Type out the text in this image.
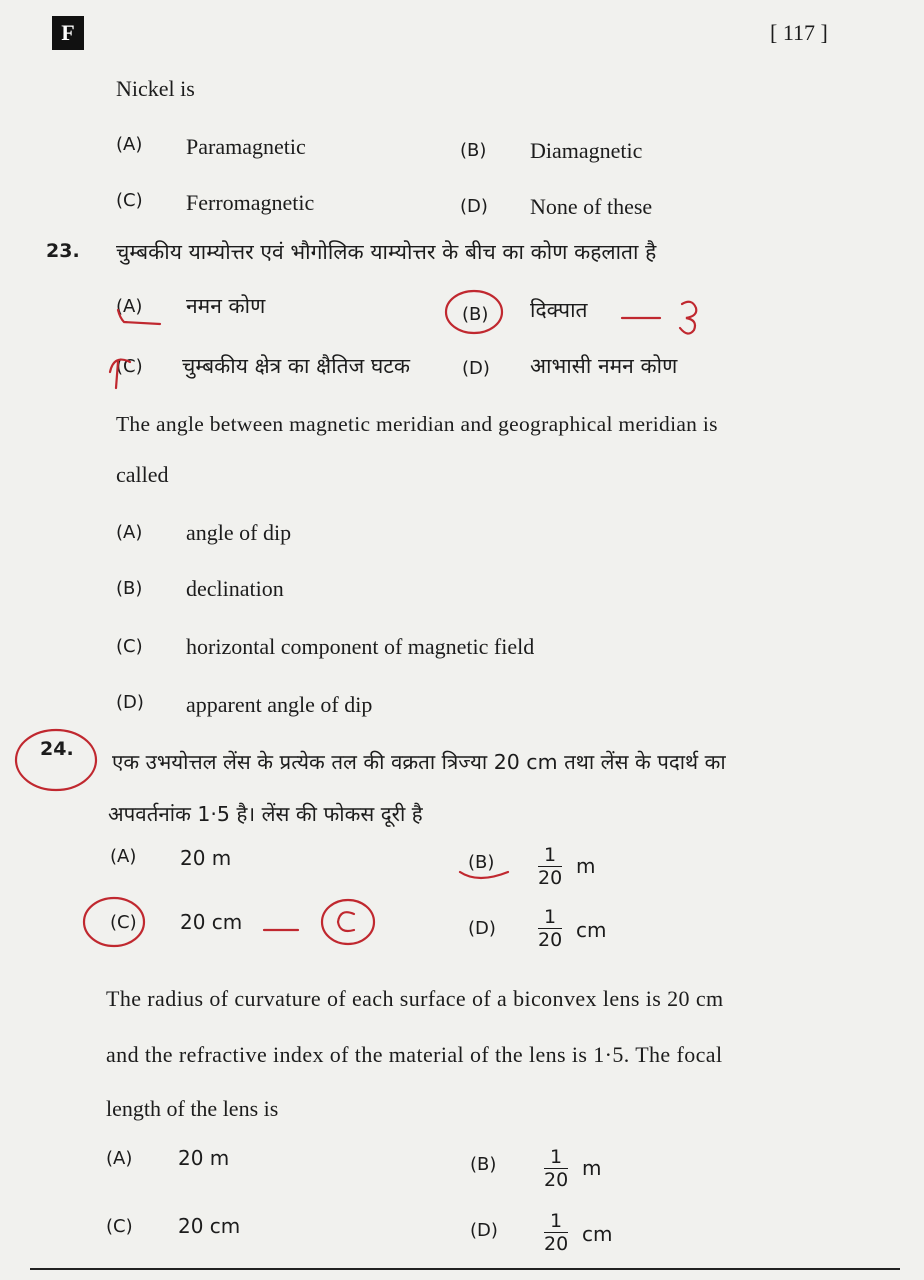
F	[ 117 ]
Nickel is
(A) Paramagnetic	(B) Diamagnetic
(C) Ferromagnetic	(D) None of these
23. चुम्बकीय याम्योत्तर एवं भौगोलिक याम्योत्तर के बीच का कोण कहलाता है
(A) नमन कोण	(B) दिक्पात
(C) चुम्बकीय क्षेत्र का क्षैतिज घटक	(D) आभासी नमन कोण
The angle between magnetic meridian and geographical meridian is
called
(A) angle of dip
(B) declination
(C) horizontal component of magnetic field
(D) apparent angle of dip
24.
एक उभयोत्तल लेंस के प्रत्येक तल की वक्रता त्रिज्या 20 cm तथा लेंस के पदार्थ का
अपवर्तनांक 1·5 है। लेंस की फोकस दूरी है
(A) 20 m	$(B) \frac{1}{20}$ m
(C) 20 cm	$(D) \frac{1}{20}$ cm
The radius of curvature of each surface of a biconvex lens is 20 cm
and the refractive index of the material of the lens is 1·5. The focal
length of the lens is
(A) 20 m	(B)	$\frac{1}{20}$ m
(C) 20 cm	$(D) \frac{1}{20}$ cm
